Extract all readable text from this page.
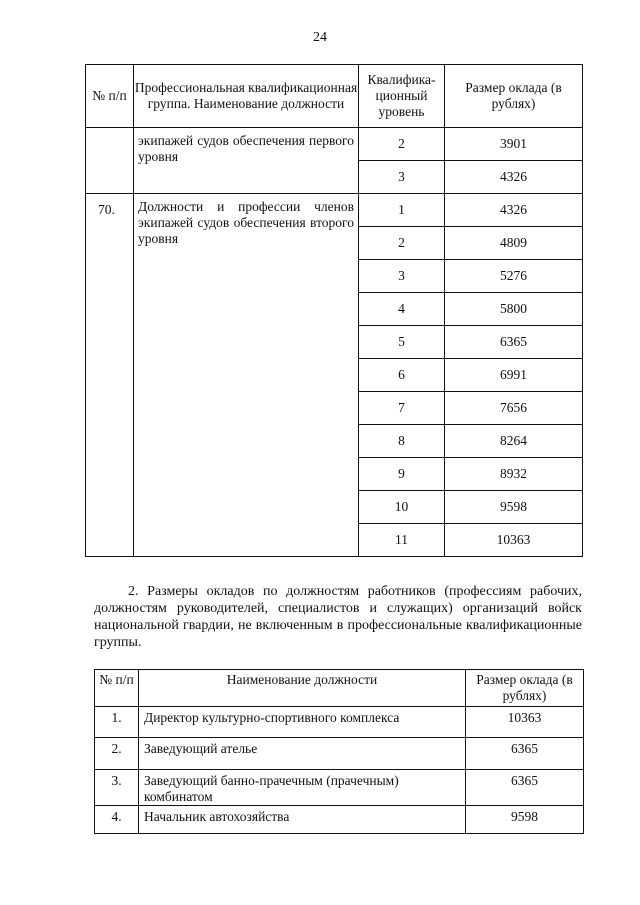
24
№ п/п	Профессиональная квалификационная группа. Наименование должности	Квалифика-ционный уровень	Размер оклада (в рублях)
	экипажей судов обеспечения первого уровня	2	3901
		3	4326
70.	Должности и профессии членов экипажей судов обеспечения второго уровня	1	4326
		2	4809
		3	5276
		4	5800
		5	6365
		6	6991
		7	7656
		8	8264
		9	8932
		10	9598
		11	10363

2. Размеры окладов по должностям работников (профессиям рабочих, должностям руководителей, специалистов и служащих) организаций войск национальной гвардии, не включенным в профессиональные квалификационные группы.

№ п/п	Наименование должности	Размер оклада (в рублях)
1.	Директор культурно-спортивного комплекса	10363
2.	Заведующий ателье	6365
3.	Заведующий банно-прачечным (прачечным) комбинатом	6365
4.	Начальник автохозяйства	9598
